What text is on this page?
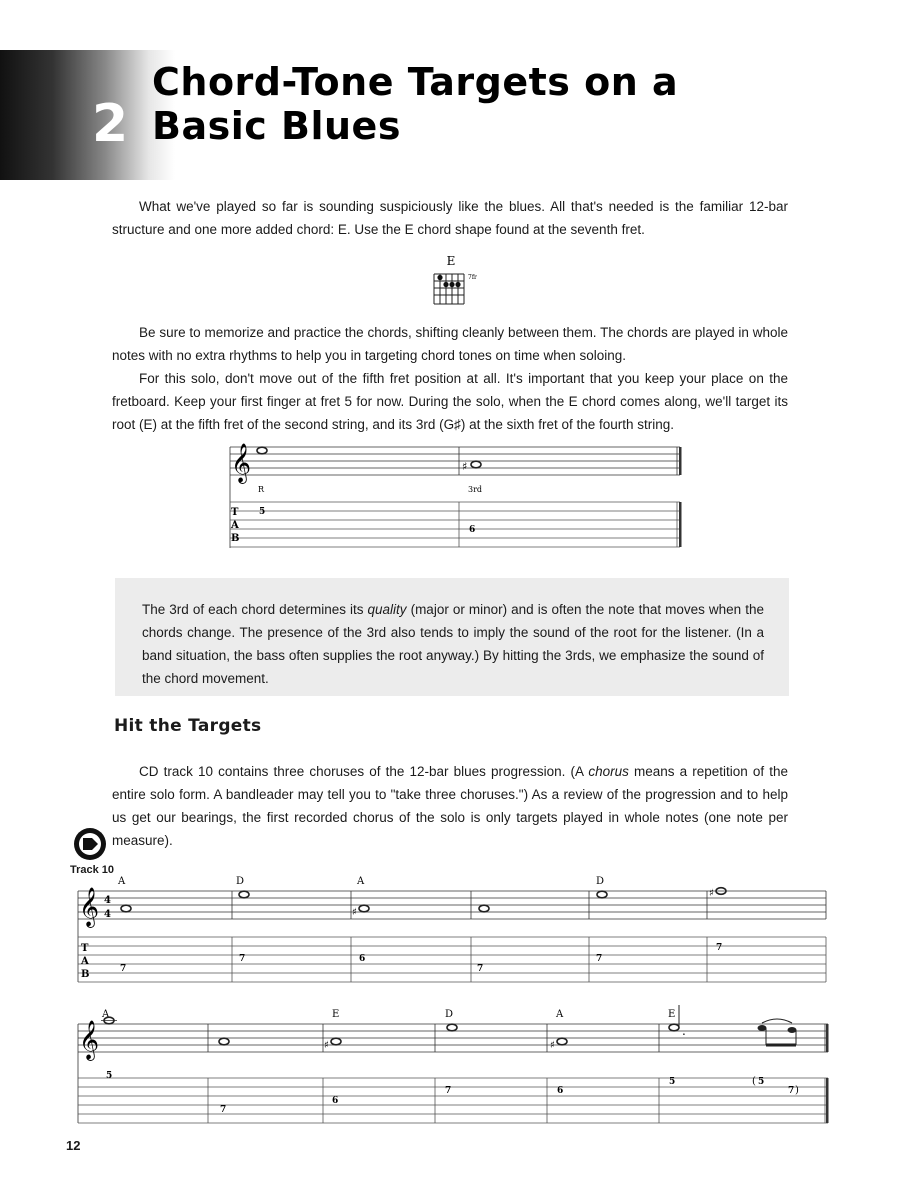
2
Chord-Tone Targets on a Basic Blues

What we've played so far is sounding suspiciously like the blues. All that's needed is the familiar 12-bar structure and one more added chord: E. Use the E chord shape found at the seventh fret.

E
7fr

Be sure to memorize and practice the chords, shifting cleanly between them. The chords are played in whole notes with no extra rhythms to help you in targeting chord tones on time when soloing.

For this solo, don't move out of the fifth fret position at all. It's important that you keep your place on the fretboard. Keep your first finger at fret 5 for now. During the solo, when the E chord comes along, we'll target its root (E) at the fifth fret of the second string, and its 3rd (G♯) at the sixth fret of the fourth string.

𝄞	♯
R	3rd
T
A
B
5
6

The 3rd of each chord determines its quality (major or minor) and is often the note that moves when the chords change. The presence of the 3rd also tends to imply the sound of the root for the listener. (In a band situation, the bass often supplies the root anyway.) By hitting the 3rds, we emphasize the sound of the chord movement.

Hit the Targets

CD track 10 contains three choruses of the 12-bar blues progression. (A chorus means a repetition of the entire solo form. A bandleader may tell you to "take three choruses.") As a review of the progression and to help us get our bearings, the first recorded chorus of the solo is only targets played in whole notes (one note per measure).

Track 10
𝄞 4
4
A	D	A	D
♯
♯
T
A
B	7
7	6
7
7
7
𝄞
A	E	D	A	E
♯	♯
.
5
7
6
7	6
5	( 5
7 )
12
